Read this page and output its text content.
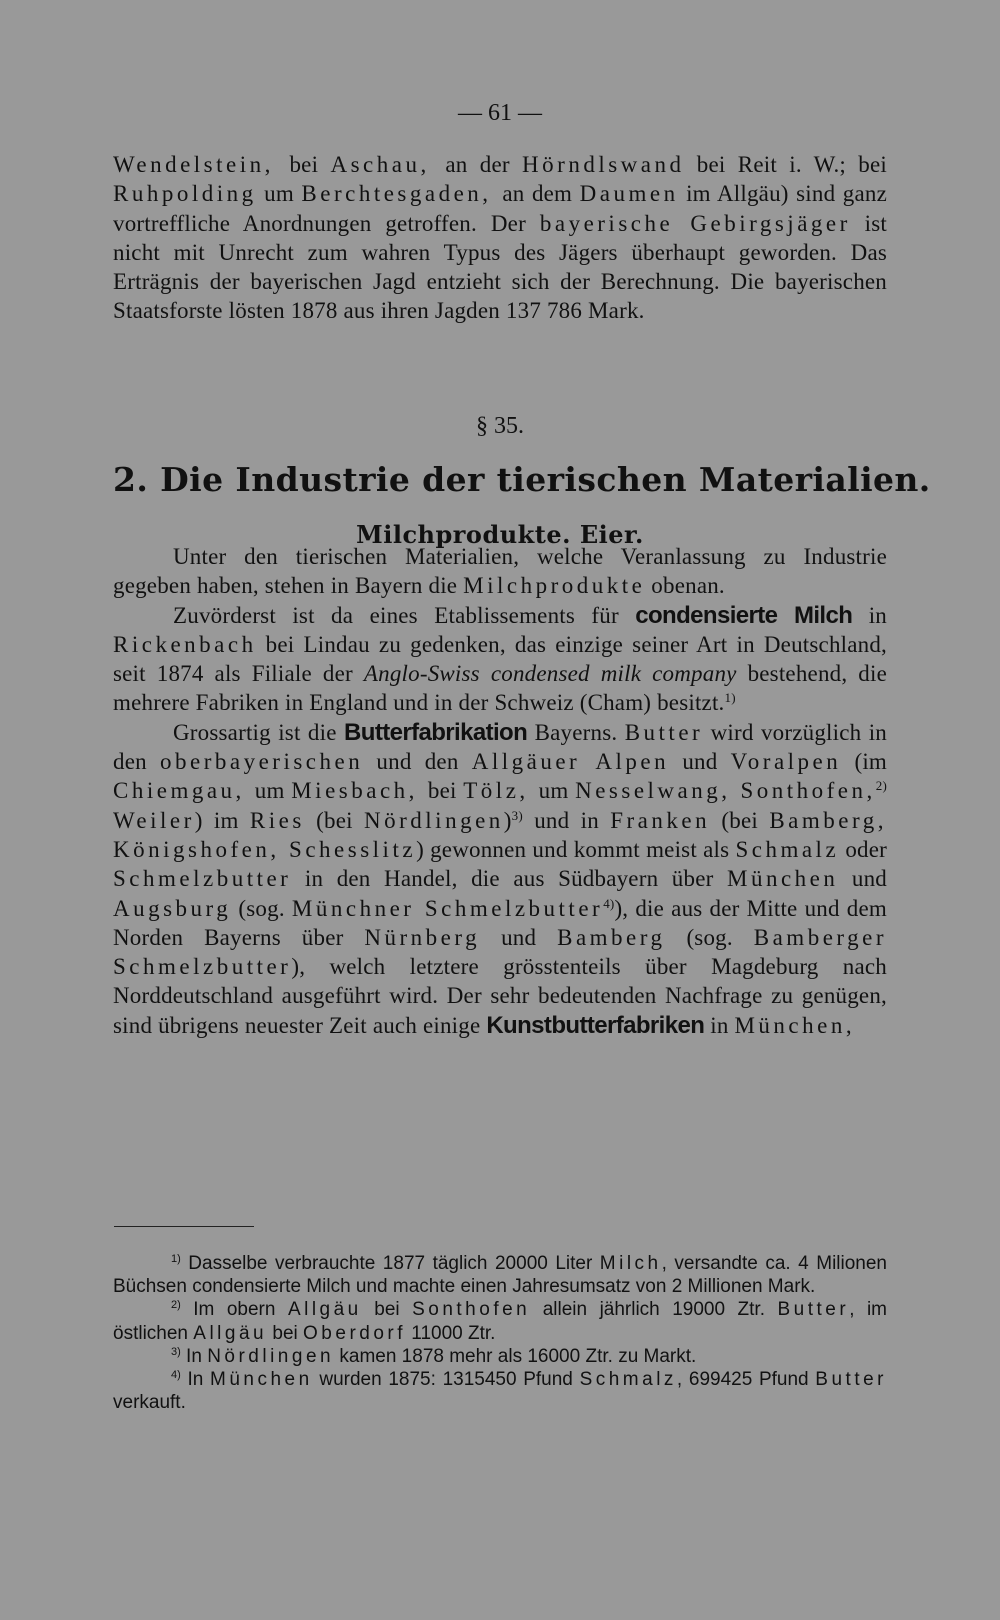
— 61 —

Wendelstein, bei Aschau, an der Hörndlswand bei Reit i. W.; bei Ruhpolding um Berchtesgaden, an dem Daumen im Allgäu) sind ganz vortreffliche Anordnungen getroffen. Der bayerische Gebirgsjäger ist nicht mit Unrecht zum wahren Typus des Jägers überhaupt geworden. Das Erträgnis der bayerischen Jagd entzieht sich der Berechnung. Die bayerischen Staatsforste lösten 1878 aus ihren Jagden 137 786 Mark.

§ 35.
2. Die Industrie der tierischen Materialien.
Milchprodukte. Eier.

Unter den tierischen Materialien, welche Veranlassung zu Industrie gegeben haben, stehen in Bayern die Milchprodukte obenan.

Zuvörderst ist da eines Etablissements für condensierte Milch in Rickenbach bei Lindau zu gedenken, das einzige seiner Art in Deutschland, seit 1874 als Filiale der Anglo-Swiss condensed milk company bestehend, die mehrere Fabriken in England und in der Schweiz (Cham) besitzt.$^{1)}$

Grossartig ist die Butterfabrikation Bayerns. Butter wird vorzüglich in den oberbayerischen und den Allgäuer Alpen und Voralpen (im Chiemgau, um Miesbach, bei Tölz, um Nesselwang, Sonthofen,$^{2)}$ Weiler) im Ries (bei Nördlingen)$^{3)}$ und in Franken (bei Bamberg, Königshofen, Schesslitz) gewonnen und kommt meist als Schmalz oder Schmelzbutter in den Handel, die aus Südbayern über München und Augsburg (sog. Münchner Schmelzbutter$^{4)}$), die aus der Mitte und dem Norden Bayerns über Nürnberg und Bamberg (sog. Bamberger Schmelzbutter), welch letztere grösstenteils über Magdeburg nach Norddeutschland ausgeführt wird. Der sehr bedeutenden Nachfrage zu genügen, sind übrigens neuester Zeit auch einige Kunstbutterfabriken in München,

$^{1)}$ Dasselbe verbrauchte 1877 täglich 20000 Liter Milch, versandte ca. 4 Milionen Büchsen condensierte Milch und machte einen Jahresumsatz von 2 Millionen Mark.

$^{2)}$ Im obern Allgäu bei Sonthofen allein jährlich 19000 Ztr. Butter, im östlichen Allgäu bei Oberdorf 11000 Ztr.

$^{3)}$ In Nördlingen kamen 1878 mehr als 16000 Ztr. zu Markt.

$^{4)}$ In München wurden 1875: 1315450 Pfund Schmalz, 699425 Pfund Butter verkauft.
